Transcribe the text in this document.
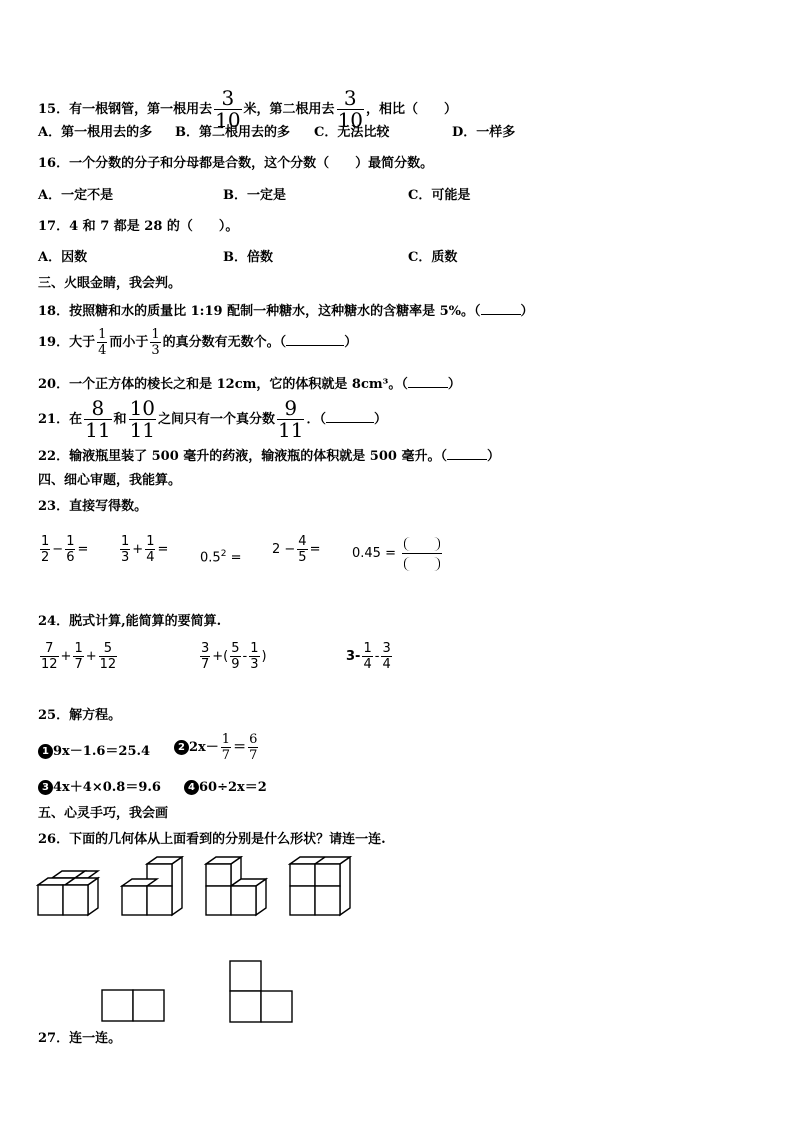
15．有一根钢管，第一根用去 $\frac{3}{10}$ 米，第二根用去 $\frac{3}{10}$ ，相比（　　）
A．第一根用去的多 B．第二根用去的多 C．无法比较	D．一样多
16．一个分数的分子和分母都是合数，这个分数（　　）最简分数。
A．一定不是	B．一定是	C．可能是
17．4 和 7 都是 28 的（　　）。
A．因数	B．倍数	C．质数
三、火眼金睛，我会判。
18．按照糖和水的质量比 1:19 配制一种糖水，这种糖水的含糖率是 5%。（	）
19．大于 $\frac{1}{4}$ 而小于 $\frac{1}{3}$ 的真分数有无数个。（	）
20．一个正方体的棱长之和是 12cm，它的体积就是 8cm³。（	）
21．在 $\frac{8}{11}$ 和 $\frac{10}{11}$ 之间只有一个真分数 $\frac{9}{11}$ ．（	）
22．输液瓶里装了 500 毫升的药液，输液瓶的体积就是 500 毫升。（	）
四、细心审题，我能算。
23．直接写得数。
$\frac{1}{2} - \frac{1}{6} = \frac{1}{3} + \frac{1}{4}$ =
$0.5^2$ =
$2 - \frac{4}{5} = 0.45$ =
24．脱式计算,能简算的要简算.
$\frac{7}{12} + \frac{1}{7} + \frac{5}{12}$	$\frac{3}{7}$ +( $\frac{5}{9} - \frac{1}{3}$ )	$3- \frac{1}{4} - \frac{3}{4}$
25．解方程。
1 9x－1.6＝25.4	2 $2x- \frac{1}{7} = \frac{6}{7}$
3 4x＋4×0.8＝9.6	4 60÷2x＝2
五、心灵手巧，我会画
26．下面的几何体从上面看到的分别是什么形状？请连一连.
27．连一连。
